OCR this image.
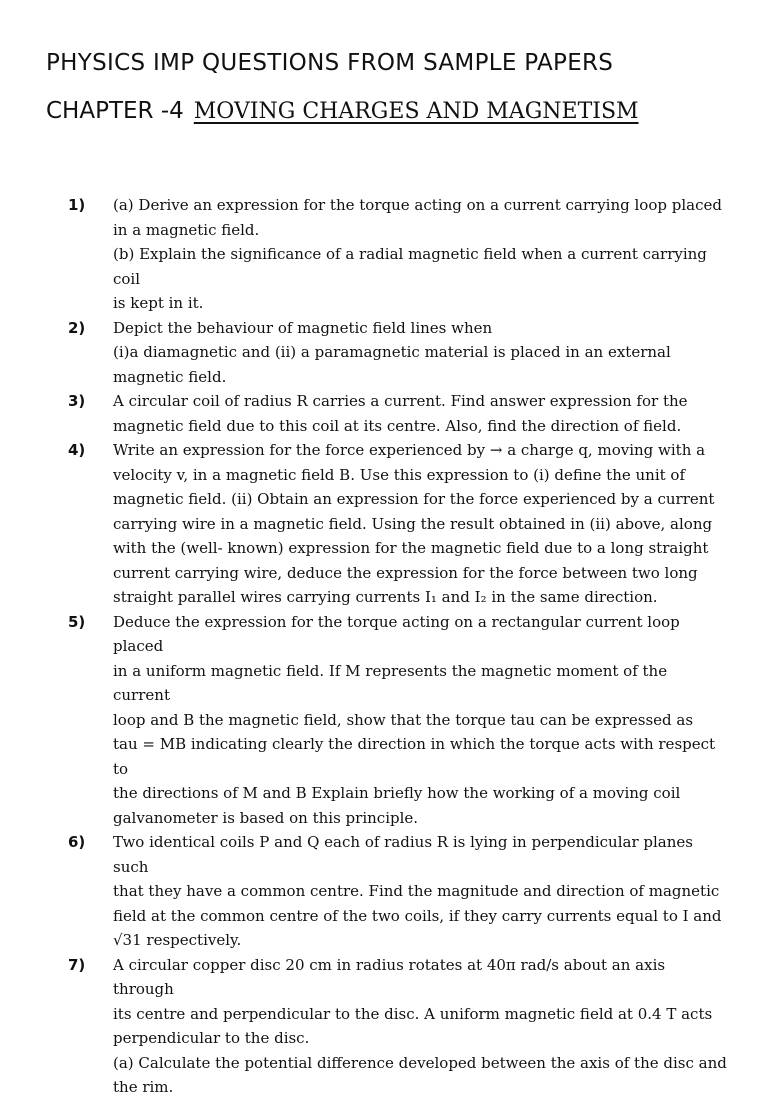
PHYSICS IMP QUESTIONS FROM SAMPLE PAPERS
CHAPTER -4 MOVING CHARGES AND MAGNETISM
1) (a) Derive an expression for the torque acting on a current carrying loop placed
in a magnetic field.
(b) Explain the significance of a radial magnetic field when a current carrying coil
is kept in it.
2) Depict the behaviour of magnetic field lines when
(i)a diamagnetic and (ii) a paramagnetic material is placed in an external
magnetic field.
3) A circular coil of radius R carries a current. Find answer expression for the
magnetic field due to this coil at its centre. Also, find the direction of field.
4) Write an expression for the force experienced by → a charge q, moving with a
velocity v, in a magnetic field B. Use this expression to (i) define the unit of
magnetic field. (ii) Obtain an expression for the force experienced by a current
carrying wire in a magnetic field. Using the result obtained in (ii) above, along
with the (well- known) expression for the magnetic field due to a long straight
current carrying wire, deduce the expression for the force between two long
straight parallel wires carrying currents I₁ and I₂ in the same direction.
5) Deduce the expression for the torque acting on a rectangular current loop placed
in a uniform magnetic field. If M represents the magnetic moment of the current
loop and B the magnetic field, show that the torque tau can be expressed as
tau = MB indicating clearly the direction in which the torque acts with respect to
the directions of M and B Explain briefly how the working of a moving coil
galvanometer is based on this principle.
6) Two identical coils P and Q each of radius R is lying in perpendicular planes such
that they have a common centre. Find the magnitude and direction of magnetic
field at the common centre of the two coils, if they carry currents equal to I and
√31 respectively.
7) A circular copper disc 20 cm in radius rotates at 40π rad/s about an axis through
its centre and perpendicular to the disc. A uniform magnetic field at 0.4 T acts
perpendicular to the disc.
(a) Calculate the potential difference developed between the axis of the disc and
the rim.
